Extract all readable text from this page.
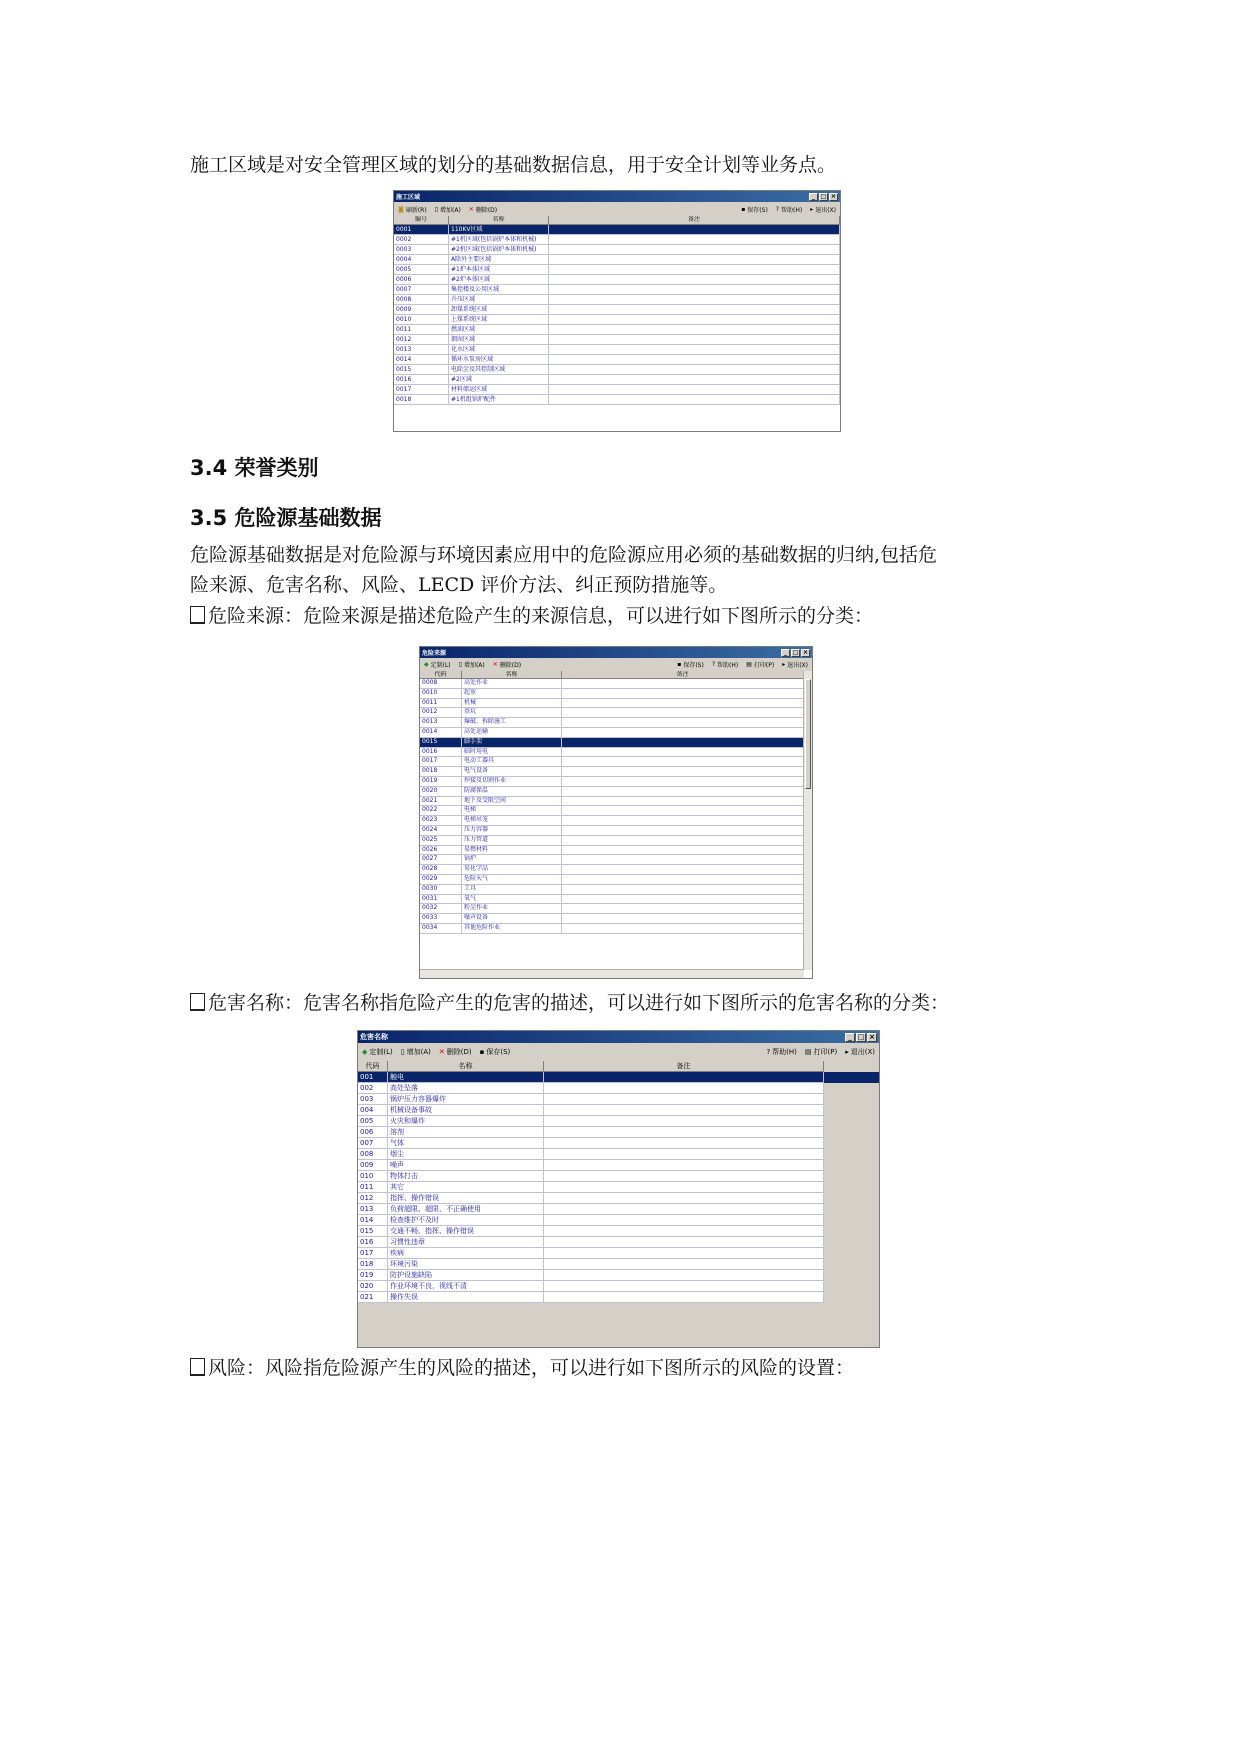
施工区域是对安全管理区域的划分的基础数据信息，用于安全计划等业务点。
施工区域	_ □ ×
◙ 刷新(R) ▯ 增加(A) ✕ 删除(D)	▪ 保存(S) ? 帮助(H) ▸ 退出(X)
编号	名称	备注
0001	110KV区域
0002	#1机区域(包括锅炉本体和机械)
0003	#2机区域(包括锅炉本体和机械)
0004	A除外主要区域
0005	#1炉本体区域
0006	#2炉本体区域
0007	集控楼及公用区域
0008	升压区域
0009	卸煤系统区域
0010	上煤系统区域
0011	燃油区域
0012	烟囱区域
0013	化水区域
0014	循环水泵房区域
0015	电除尘及其控制区域
0016	#2区域
0017	材料储运区域
0018	#1机组锅炉配件
3.4 荣誉类别
3.5 危险源基础数据
危险源基础数据是对危险源与环境因素应用中的危险源应用必须的基础数据的归纳,包括危
险来源、危害名称、风险、LECD 评价方法、纠正预防措施等。
危险来源：危险来源是描述危险产生的来源信息，可以进行如下图所示的分类：
危险来源	_ □ ×
◆ 定制(L) ▯ 增加(A) ✕ 删除(D)	▪ 保存(S) ? 帮助(H) ▤ 打印(P) ▸ 退出(X)
代码	名称	备注
0008	高处作业
0010	起重
0011	机械
0012	基坑
0013	爆破、拆除施工
0014	高处运输
0015	脚手架
0016	临时用电
0017	电动工器具
0018	电气设备
0019	焊接及切割作业
0020	防腐保温
0021	地下及受限空间
0022	电梯
0023	电梯吊笼
0024	压力容器
0025	压力管道
0026	易燃材料
0027	锅炉
0028	易化学品
0029	危险天气
0030	工具
0031	氧气
0032	粉尘作业
0033	噪声设备
0034	其他危险作业
危害名称：危害名称指危险产生的危害的描述，可以进行如下图所示的危害名称的分类：
危害名称	_ □ ×
◆ 定制(L) ▯ 增加(A) ✕ 删除(D) ▪ 保存(S)	? 帮助(H) ▤ 打印(P) ▸ 退出(X)
代码	名称	备注
001	触电
002	高处坠落
003	锅炉压力容器爆炸
004	机械设备事故
005	火灾和爆炸
006	溶剂
007	气体
008	烟尘
009	噪声
010	物体打击
011	其它
012	指挥、操作错误
013	负荷超限、超限、不正确使用
014	检查维护不及时
015	交通不畅，指挥、操作错误
016	习惯性违章
017	疾病
018	环境污染
019	防护设施缺陷
020	作业环境不良，视线不清
021	操作失误
风险：风险指危险源产生的风险的描述，可以进行如下图所示的风险的设置：
